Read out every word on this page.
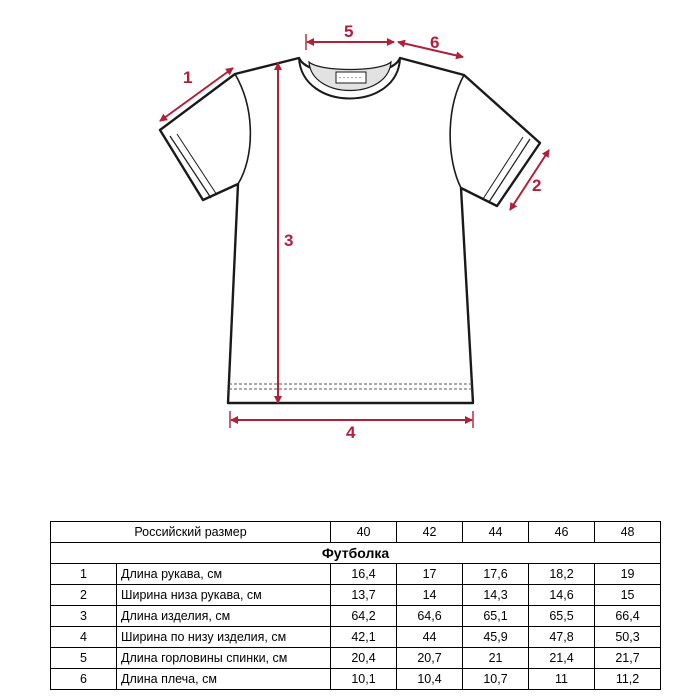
1
2
3
4
5
6
Российский размер		40	42	44	46	48
Футболка						
1	Длина рукава, см	16,4	17	17,6	18,2	19
2	Ширина низа рукава, см	13,7	14	14,3	14,6	15
3	Длина изделия, см	64,2	64,6	65,1	65,5	66,4
4	Ширина по низу изделия, см	42,1	44	45,9	47,8	50,3
5	Длина горловины спинки, см	20,4	20,7	21	21,4	21,7
6	Длина плеча, см	10,1	10,4	10,7	11	11,2
